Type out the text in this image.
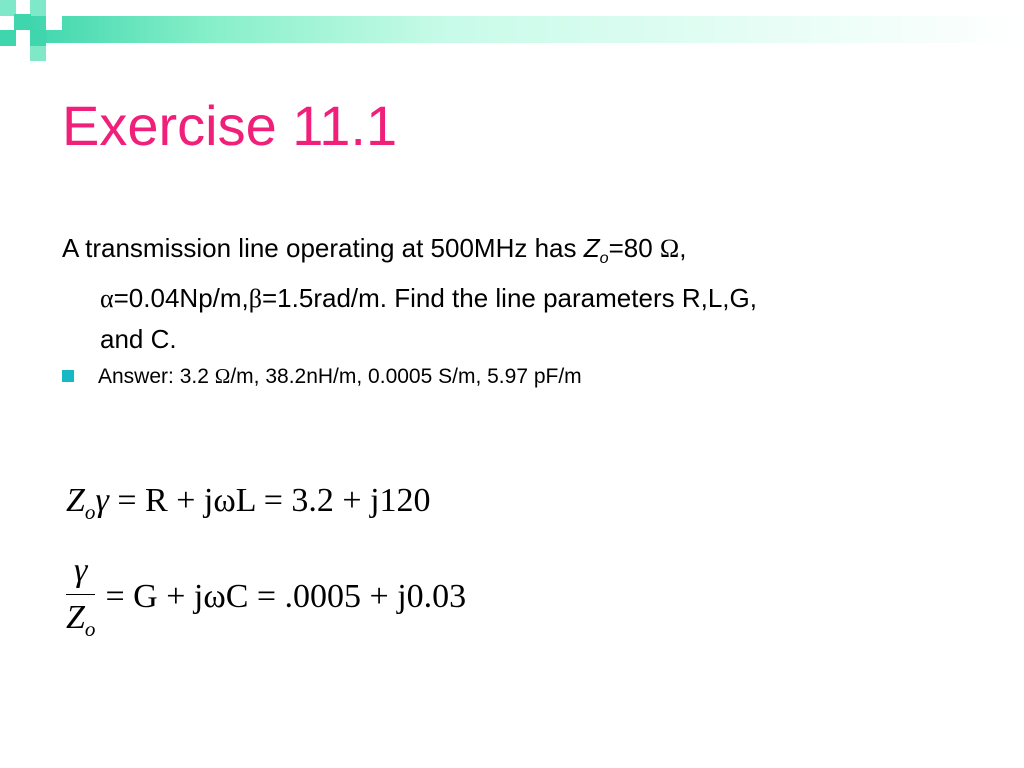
Exercise 11.1
A transmission line operating at 500MHz has $Z_o=80$ Ω,
α=0.04Np/m,β=1.5rad/m. Find the line parameters R,L,G,
and C.
Answer: 3.2 Ω/m, 38.2nH/m, 0.0005 S/m, 5.97 pF/m
$Z_o\gamma = R + j\omega L = 3.2 + j120$
$\frac{\gamma}{Z_o} = G + j\omega C = .0005 + j0.03$
